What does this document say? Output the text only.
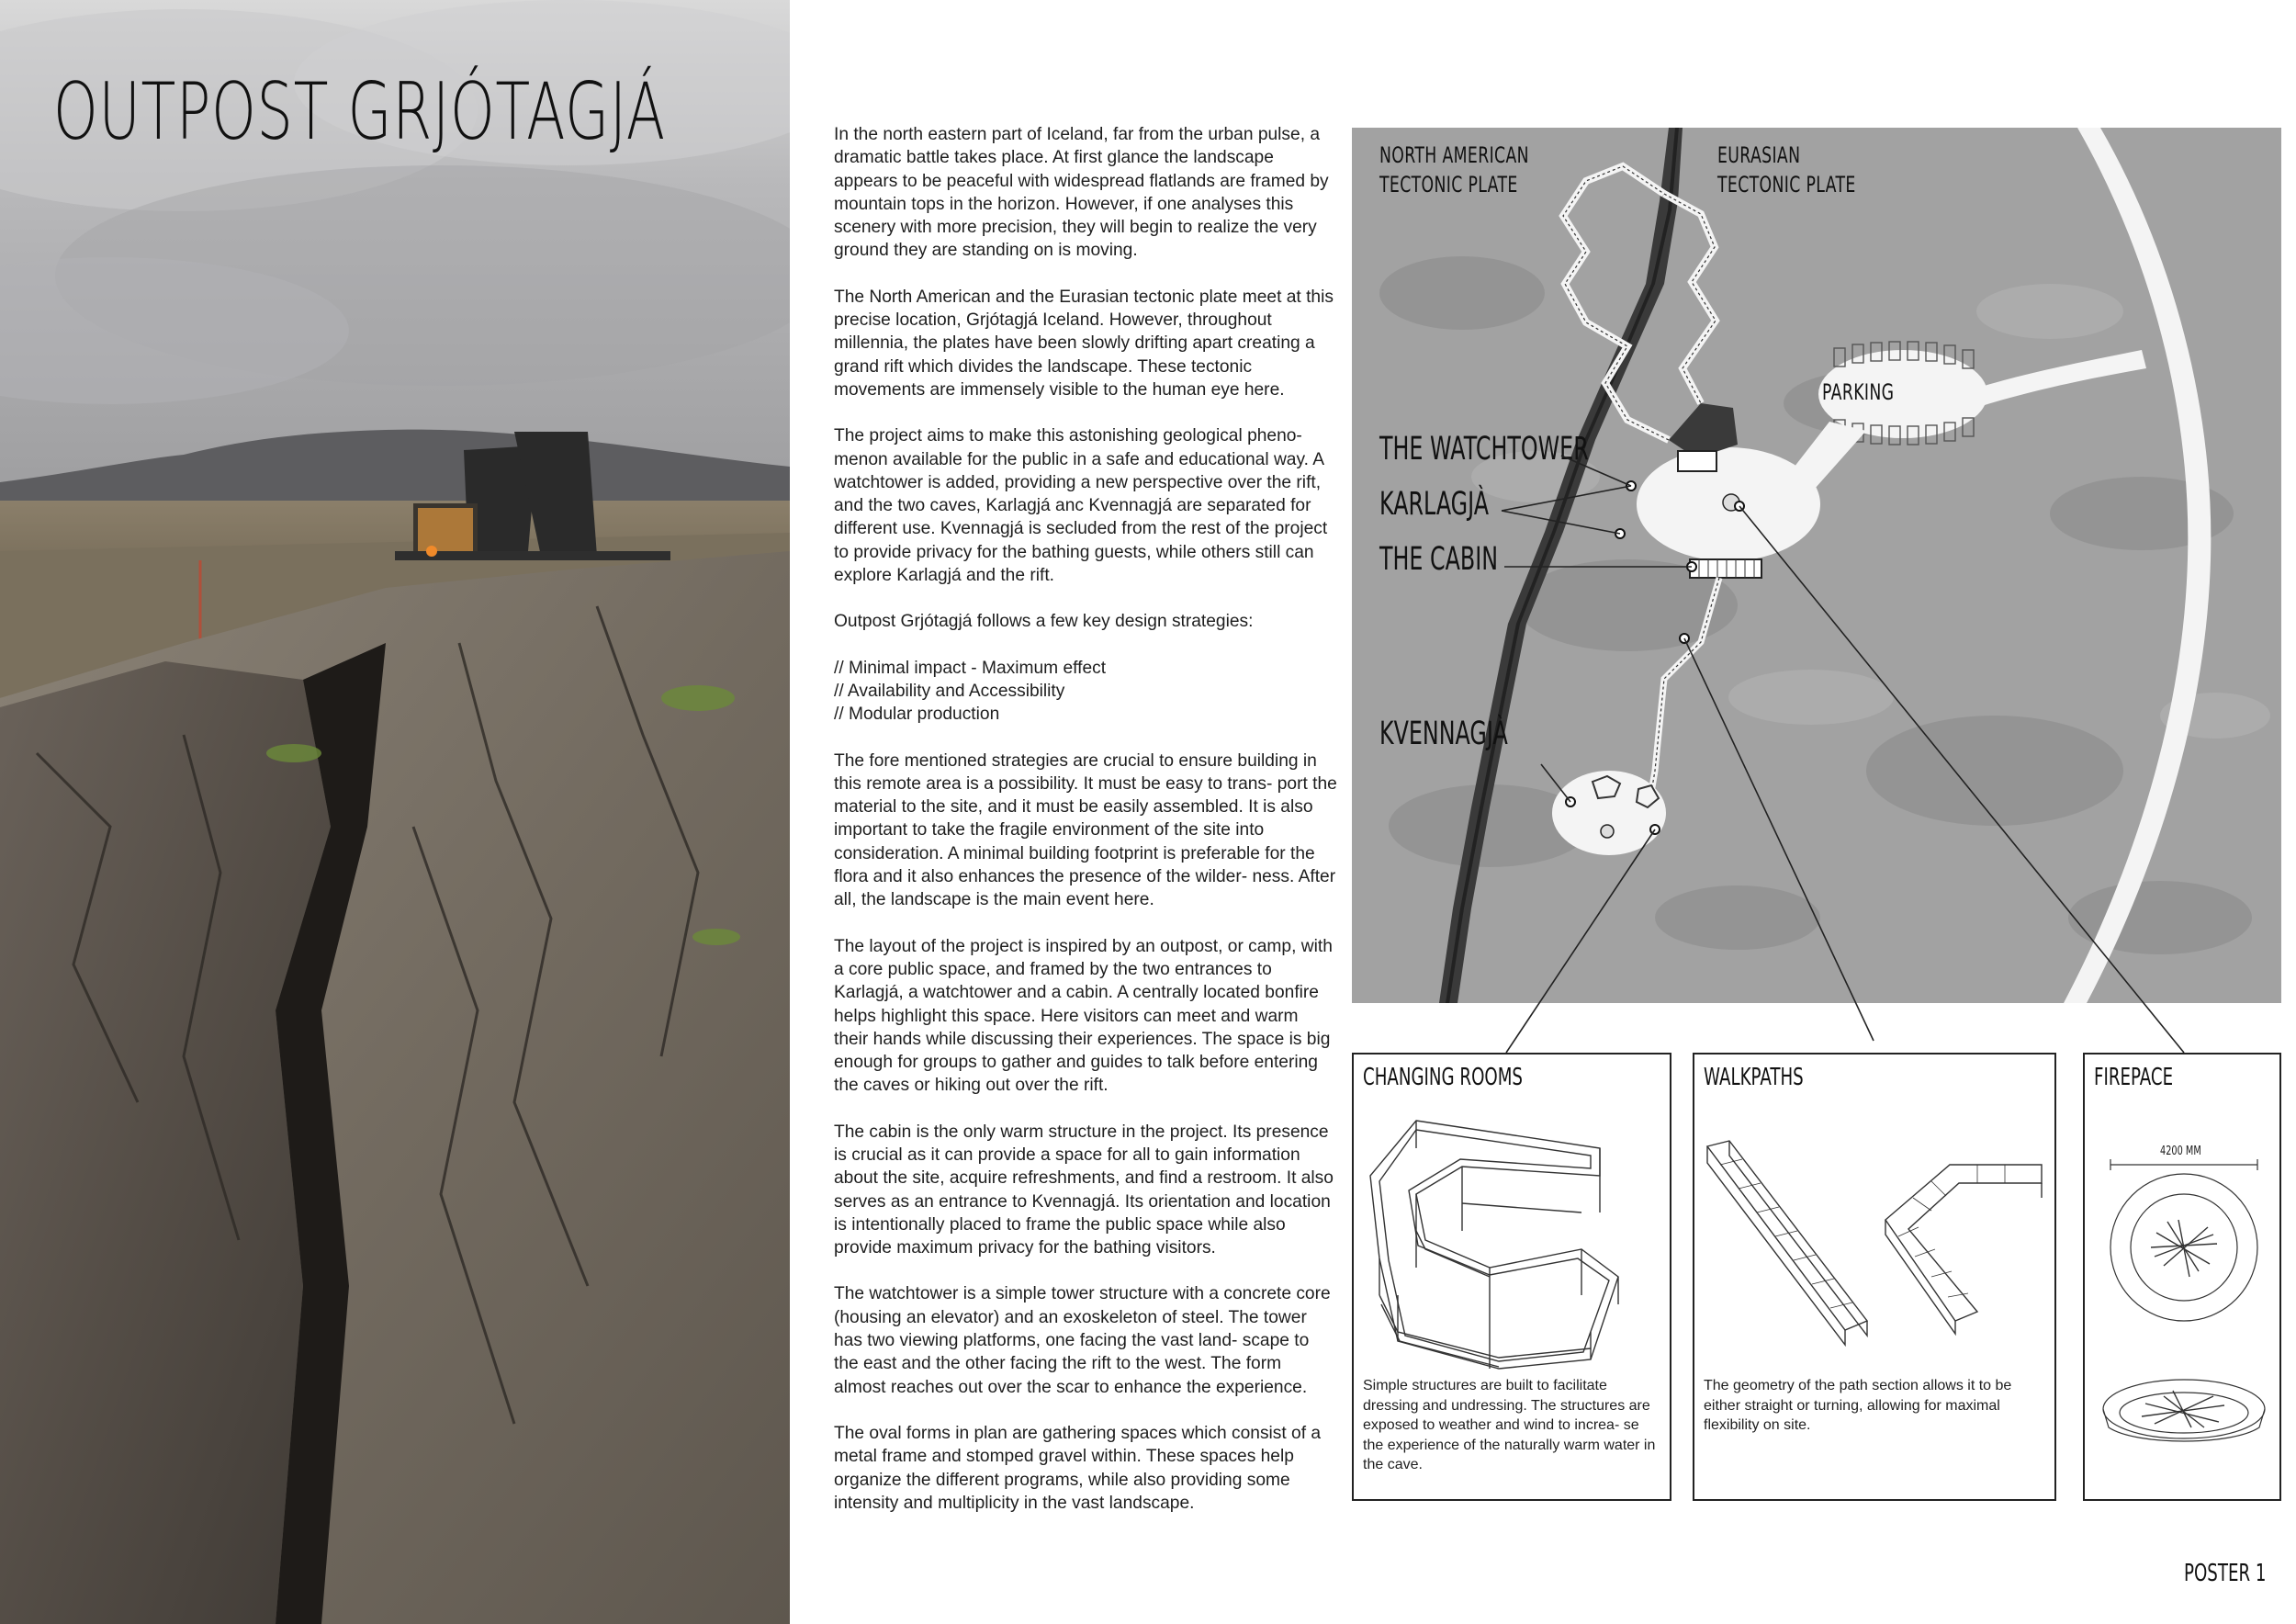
OUTPOST GRJÓTAGJÁ	In the north eastern part of Iceland, far from the urban pulse, a dramatic battle takes place. At first glance the landscape appears to be peaceful with widespread flatlands are framed by mountain tops in the horizon. However, if one analyses this scenery with more precision, they will begin to realize the very ground they are standing on is moving.

The North American and the Eurasian tectonic plate meet at this precise location, Grjótagjá Iceland. However, throughout millennia, the plates have been slowly drifting apart creating a grand rift which divides the landscape. These tectonic movements are immensely visible to the human eye here.

The project aims to make this astonishing geological pheno- menon available for the public in a safe and educational way. A watchtower is added, providing a new perspective over the rift, and the two caves, Karlagjá anc Kvennagjá are separated for different use. Kvennagjá is secluded from the rest of the project to provide privacy for the bathing guests, while others still can explore Karlagjá and the rift.

Outpost Grjótagjá follows a few key design strategies:

// Minimal impact - Maximum effect
// Availability and Accessibility
// Modular production

The fore mentioned strategies are crucial to ensure building in this remote area is a possibility. It must be easy to trans- port the material to the site, and it must be easily assembled. It is also important to take the fragile environment of the site into consideration. A minimal building footprint is preferable for the flora and it also enhances the presence of the wilder- ness. After all, the landscape is the main event here.

The layout of the project is inspired by an outpost, or camp, with a core public space, and framed by the two entrances to Karlagjá, a watchtower and a cabin. A centrally located bonfire helps highlight this space. Here visitors can meet and warm their hands while discussing their experiences. The space is big enough for groups to gather and guides to talk before entering the caves or hiking out over the rift.

The cabin is the only warm structure in the project. Its presence is crucial as it can provide a space for all to gain information about the site, acquire refreshments, and find a restroom. It also serves as an entrance to Kvennagjá. Its orientation and location is intentionally placed to frame the public space while also provide maximum privacy for the bathing visitors.

The watchtower is a simple tower structure with a concrete core (housing an elevator) and an exoskeleton of steel. The tower has two viewing platforms, one facing the vast land- scape to the east and the other facing the rift to the west. The form almost reaches out over the scar to enhance the experience.

The oval forms in plan are gathering spaces which consist of a metal frame and stomped gravel within. These spaces help organize the different programs, while also providing some intensity and multiplicity in the vast landscape.

NORTH AMERICAN
TECTONIC PLATE
EURASIAN
TECTONIC PLATE
PARKING
THE WATCHTOWER
KARLAGJÀ
THE CABIN
KVENNAGJÀ
CHANGING ROOMS
Simple structures are built to facilitate dressing and undressing. The structures are exposed to weather and wind to increa- se the experience of the naturally warm water in the cave.
WALKPATHS
The geometry of the path section allows it to be either straight or turning, allowing for maximal flexibility on site.
FIREPACE
4200 MM
POSTER 1
